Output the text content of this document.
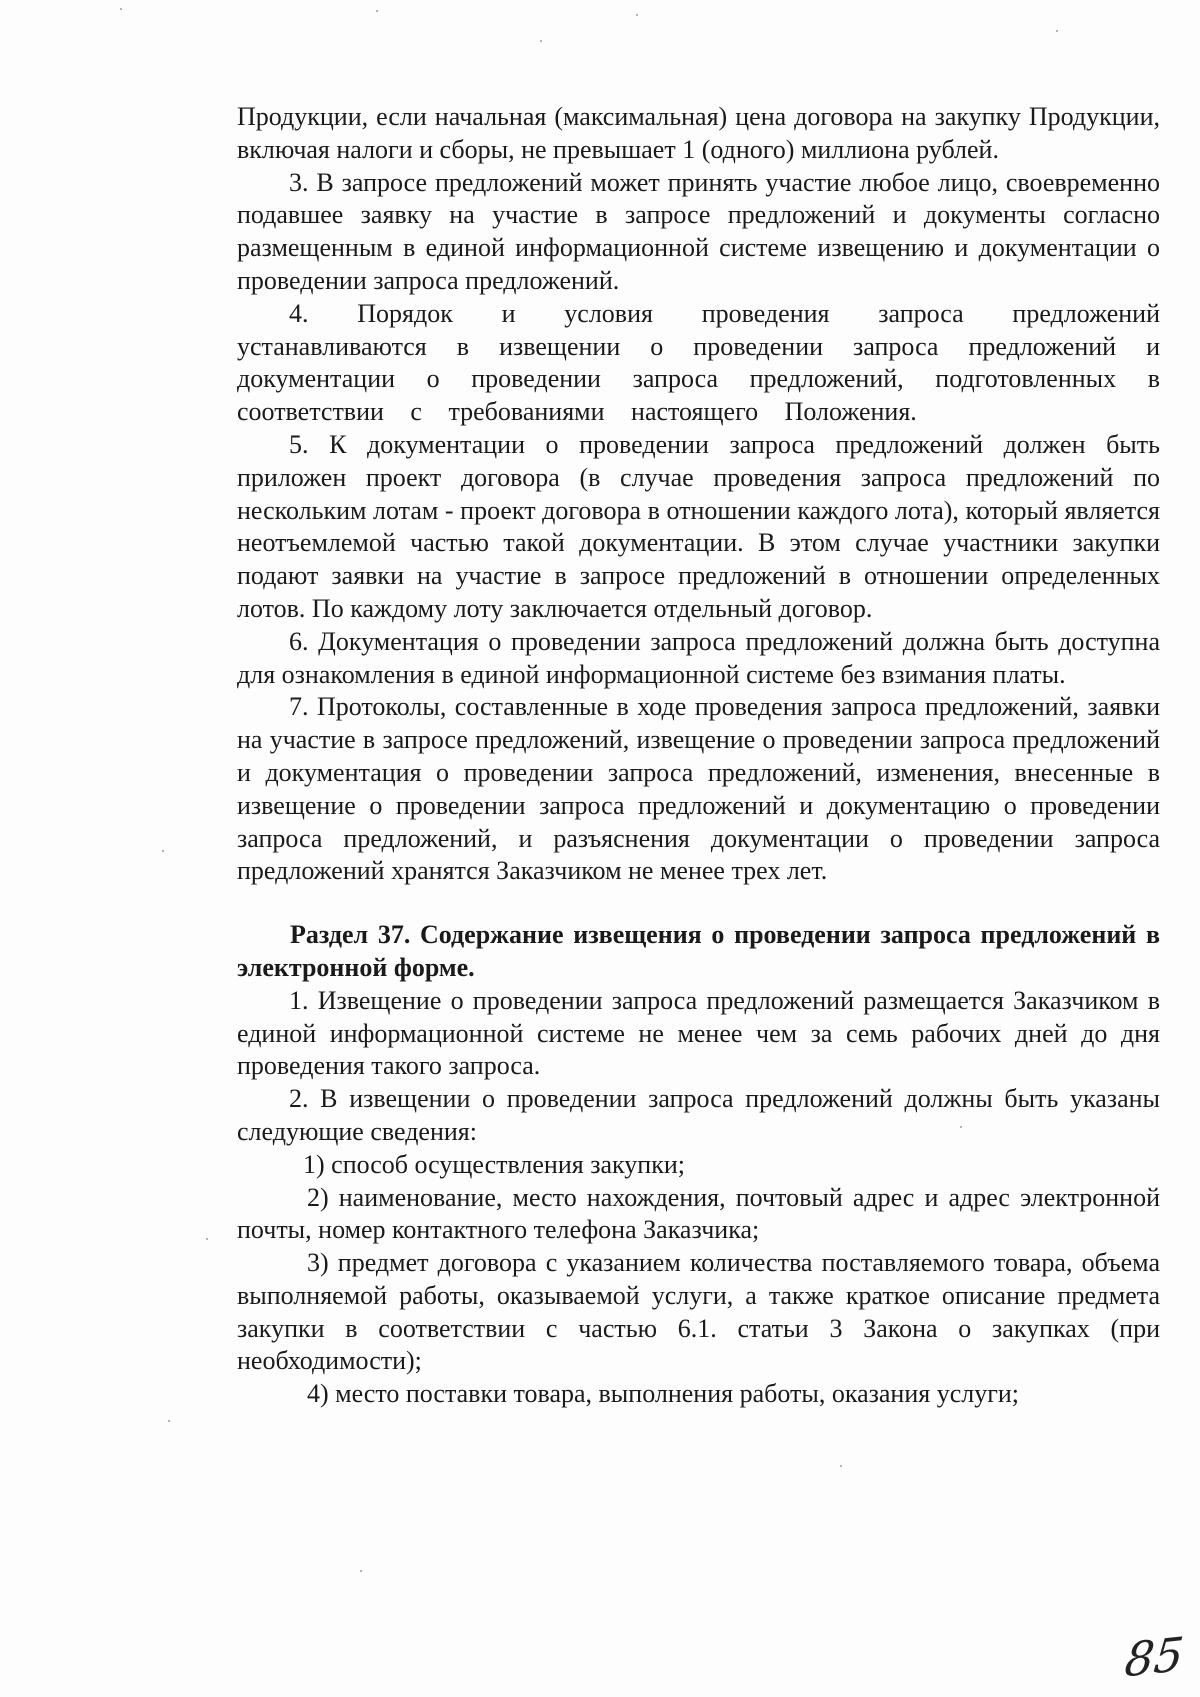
Продукции, если начальная (максимальная) цена договора на закупку Продукции, включая налоги и сборы, не превышает 1 (одного) миллиона рублей.

3. В запросе предложений может принять участие любое лицо, своевременно подавшее заявку на участие в запросе предложений и документы согласно размещенным в единой информационной системе извещению и документации о проведении запроса предложений.

4. Порядок и условия проведения запроса предложений устанавливаются в извещении о проведении запроса предложений и документации о проведении запроса предложений, подготовленных в соответствии с требованиями настоящего Положения.

5. К документации о проведении запроса предложений должен быть приложен проект договора (в случае проведения запроса предложений по нескольким лотам - проект договора в отношении каждого лота), который является неотъемлемой частью такой документации. В этом случае участники закупки подают заявки на участие в запросе предложений в отношении определенных лотов. По каждому лоту заключается отдельный договор.

6. Документация о проведении запроса предложений должна быть доступна для ознакомления в единой информационной системе без взимания платы.

7. Протоколы, составленные в ходе проведения запроса предложений, заявки на участие в запросе предложений, извещение о проведении запроса предложений и документация о проведении запроса предложений, изменения, внесенные в извещение о проведении запроса предложений и документацию о проведении запроса предложений, и разъяснения документации о проведении запроса предложений хранятся Заказчиком не менее трех лет.

Раздел 37. Содержание извещения о проведении запроса предложений в электронной форме.

1. Извещение о проведении запроса предложений размещается Заказчиком в единой информационной системе не менее чем за семь рабочих дней до дня проведения такого запроса.

2. В извещении о проведении запроса предложений должны быть указаны следующие сведения:

1) способ осуществления закупки;

2) наименование, место нахождения, почтовый адрес и адрес электронной почты, номер контактного телефона Заказчика;

3) предмет договора с указанием количества поставляемого товара, объема выполняемой работы, оказываемой услуги, а также краткое описание предмета закупки в соответствии с частью 6.1. статьи 3 Закона о закупках (при необходимости);

4) место поставки товара, выполнения работы, оказания услуги;

85
